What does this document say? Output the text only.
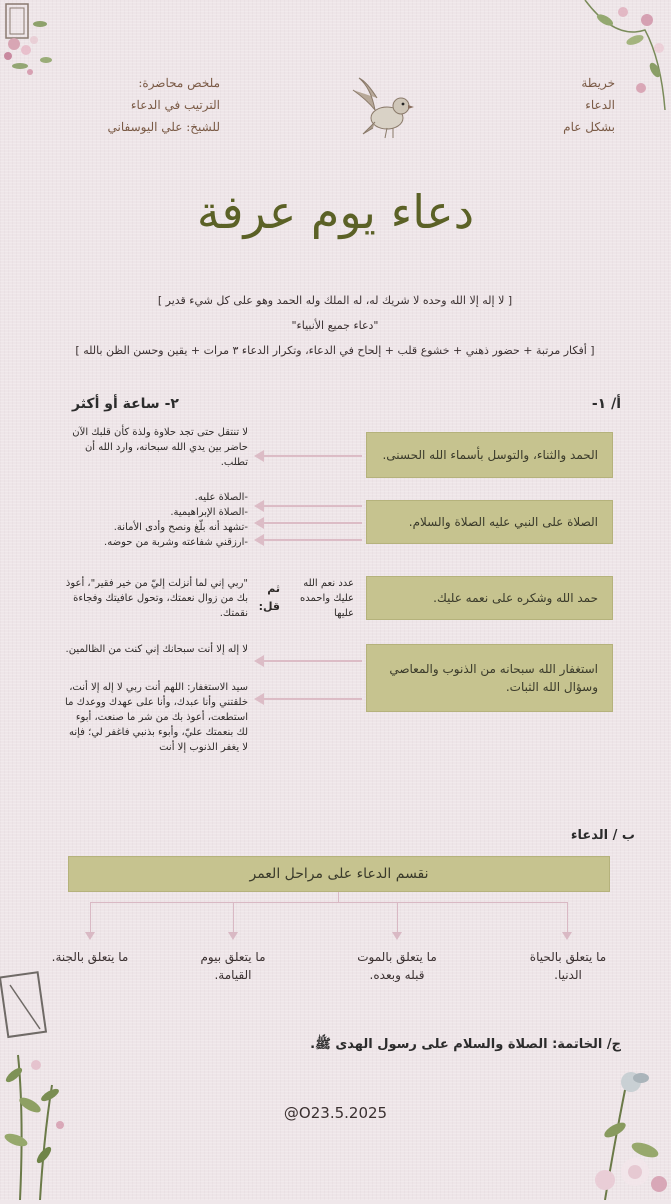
خريطة
الدعاء
بشكل عام
ملخص محاضرة:
الترتيب في الدعاء
للشيخ: علي اليوسفاني
دعاء يوم عرفة
[ لا إله إلا الله وحده لا شريك له، له الملك وله الحمد وهو على كل شيء قدير ]
"دعاء جميع الأنبياء"
[ أفكار مرتبة + حضور ذهني + خشوع قلب + إلحاح في الدعاء، وتكرار الدعاء ٣ مرات + يقين وحسن الظن بالله ]
أ/ ١-
٢- ساعة أو أكثر
الحمد والثناء، والتوسل بأسماء الله الحسنى.
لا تنتقل حتى تجد حلاوة ولذة كأن قلبك الآن حاضر بين يدي الله سبحانه، وارد الله أن تطلب.
الصلاة على النبي عليه الصلاة والسلام.
-الصلاة عليه.
-الصلاة الإبراهيمية.
-تشهد أنه بلّغ ونصح وأدى الأمانة.
-ارزقني شفاعته وشربة من حوضه.
حمد الله وشكره على نعمه عليك.
عدد نعم الله عليك واحمده عليها
ثم قل:
"ربي إني لما أنزلت إليّ من خير فقير"، أعوذ بك من زوال نعمتك، وتحول عافيتك وفجاءة نقمتك.
استغفار الله سبحانه من الذنوب والمعاصي وسؤال الله الثبات.
لا إله إلا أنت سبحانك إني كنت من الظالمين.
سيد الاستغفار: اللهم أنت ربي لا إله إلا أنت، خلقتني وأنا عبدك، وأنا على عهدك ووعدك ما استطعت، أعوذ بك من شر ما صنعت، أبوء لك بنعمتك عليّ، وأبوء بذنبي فاغفر لي؛ فإنه لا يغفر الذنوب إلا أنت
ب / الدعاء
نقسم الدعاء على مراحل العمر
ما يتعلق بالحياة الدنيا.
ما يتعلق بالموت قبله وبعده.
ما يتعلق بيوم القيامة.
ما يتعلق بالجنة.
ج/ الخاتمة: الصلاة والسلام على رسول الهدى ﷺ.
@O23.5.2025
